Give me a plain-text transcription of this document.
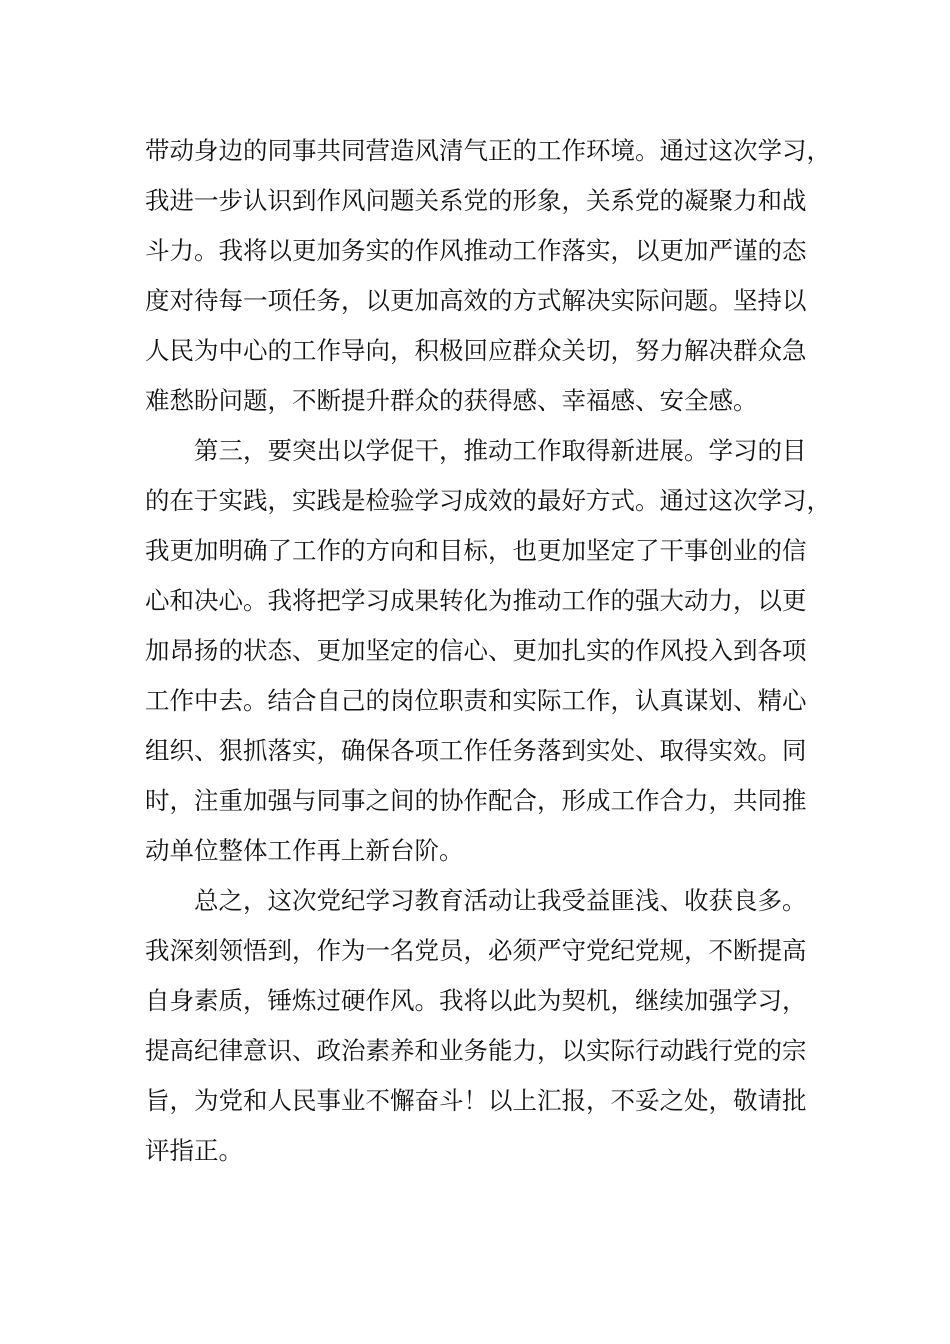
带动身边的同事共同营造风清气正的工作环境。通过这次学习，
我进一步认识到作风问题关系党的形象，关系党的凝聚力和战
斗力。我将以更加务实的作风推动工作落实，以更加严谨的态
度对待每一项任务，以更加高效的方式解决实际问题。坚持以
人民为中心的工作导向，积极回应群众关切，努力解决群众急
难愁盼问题，不断提升群众的获得感、幸福感、安全感。
第三，要突出以学促干，推动工作取得新进展。学习的目
的在于实践，实践是检验学习成效的最好方式。通过这次学习，
我更加明确了工作的方向和目标，也更加坚定了干事创业的信
心和决心。我将把学习成果转化为推动工作的强大动力，以更
加昂扬的状态、更加坚定的信心、更加扎实的作风投入到各项
工作中去。结合自己的岗位职责和实际工作，认真谋划、精心
组织、狠抓落实，确保各项工作任务落到实处、取得实效。同
时，注重加强与同事之间的协作配合，形成工作合力，共同推
动单位整体工作再上新台阶。
总之，这次党纪学习教育活动让我受益匪浅、收获良多。
我深刻领悟到，作为一名党员，必须严守党纪党规，不断提高
自身素质，锤炼过硬作风。我将以此为契机，继续加强学习，
提高纪律意识、政治素养和业务能力，以实际行动践行党的宗
旨，为党和人民事业不懈奋斗！以上汇报，不妥之处，敬请批
评指正。
